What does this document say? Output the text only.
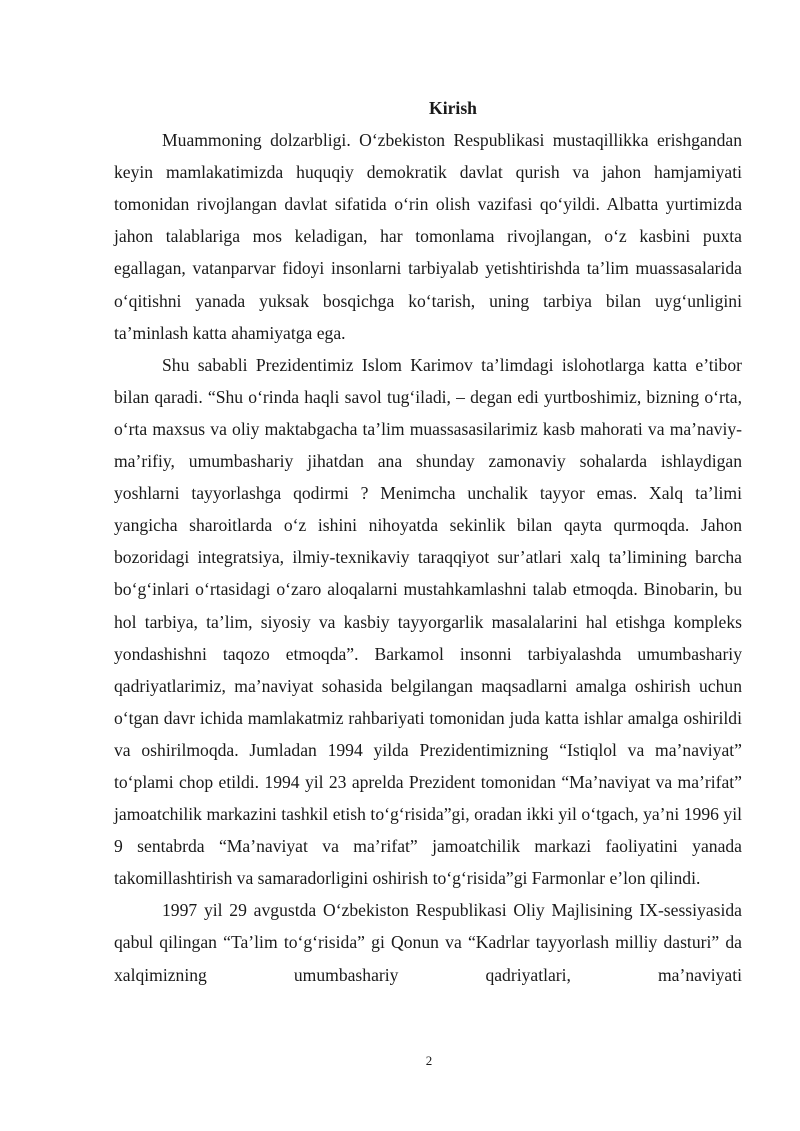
Kirish

Muammoning dolzarbligi. O‘zbekiston Respublikasi mustaqillikka erishgandan keyin mamlakatimizda huquqiy demokratik davlat qurish va jahon hamjamiyati tomonidan rivojlangan davlat sifatida o‘rin olish vazifasi qo‘yildi. Albatta yurtimizda jahon talablariga mos keladigan, har tomonlama rivojlangan, o‘z kasbini puxta egallagan, vatanparvar fidoyi insonlarni tarbiyalab yetishtirishda ta’lim muassasalarida o‘qitishni yanada yuksak bosqichga ko‘tarish, uning tarbiya bilan uyg‘unligini ta’minlash katta ahamiyatga ega.

Shu sababli Prezidentimiz Islom Karimov ta’limdagi islohotlarga katta e’tibor bilan qaradi. “Shu o‘rinda haqli savol tug‘iladi, – degan edi yurtboshimiz, bizning o‘rta, o‘rta maxsus va oliy maktabgacha ta’lim muassasasilarimiz kasb mahorati va ma’naviy-ma’rifiy, umumbashariy jihatdan ana shunday zamonaviy sohalarda ishlaydigan yoshlarni tayyorlashga qodirmi ? Menimcha unchalik tayyor emas. Xalq ta’limi yangicha sharoitlarda o‘z ishini nihoyatda sekinlik bilan qayta qurmoqda. Jahon bozoridagi integratsiya, ilmiy-texnikaviy taraqqiyot sur’atlari xalq ta’limining barcha bo‘g‘inlari o‘rtasidagi o‘zaro aloqalarni mustahkamlashni talab etmoqda. Binobarin, bu hol tarbiya, ta’lim, siyosiy va kasbiy tayyorgarlik masalalarini hal etishga kompleks yondashishni taqozo etmoqda”. Barkamol insonni tarbiyalashda umumbashariy qadriyatlarimiz, ma’naviyat sohasida belgilangan maqsadlarni amalga oshirish uchun o‘tgan davr ichida mamlakatmiz rahbariyati tomonidan juda katta ishlar amalga oshirildi va oshirilmoqda. Jumladan 1994 yilda Prezidentimizning “Istiqlol va ma’naviyat” to‘plami chop etildi. 1994 yil 23 aprelda Prezident tomonidan “Ma’naviyat va ma’rifat” jamoatchilik markazini tashkil etish to‘g‘risida”gi, oradan ikki yil o‘tgach, ya’ni 1996 yil 9 sentabrda “Ma’naviyat va ma’rifat” jamoatchilik markazi faoliyatini yanada takomillashtirish va samaradorligini oshirish to‘g‘risida”gi Farmonlar e’lon qilindi.

1997 yil 29 avgustda O‘zbekiston Respublikasi Oliy Majlisining IX-sessiyasida qabul qilingan “Ta’lim to‘g‘risida” gi Qonun va “Kadrlar tayyorlash milliy dasturi” da xalqimizning umumbashariy qadriyatlari, ma’naviyati

2
